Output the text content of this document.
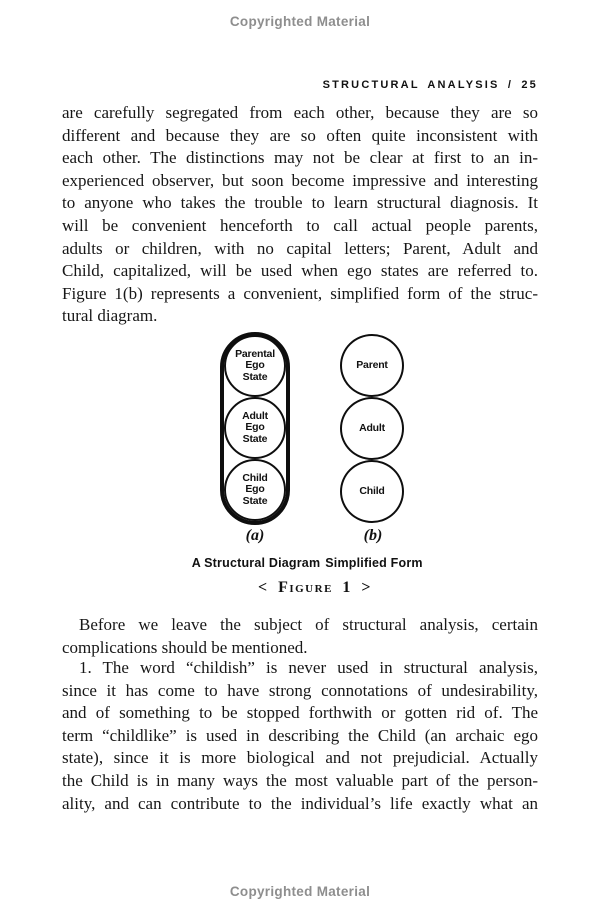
Copyrighted Material
STRUCTURAL ANALYSIS / 25
are carefully segregated from each other, because they are so
different and because they are so often quite inconsistent with
each other. The distinctions may not be clear at first to an in-
experienced observer, but soon become impressive and interesting
to anyone who takes the trouble to learn structural diagnosis. It
will be convenient henceforth to call actual people parents,
adults or children, with no capital letters; Parent, Adult and
Child, capitalized, will be used when ego states are referred to.
Figure 1(b) represents a convenient, simplified form of the struc-
tural diagram.
Parental
Ego
State
Adult
Ego
State
Child
Ego
State
Parent
Adult
Child
(a)	(b)
A Structural Diagram Simplified Form
< Figure 1 >
Before we leave the subject of structural analysis, certain
complications should be mentioned.
1. The word “childish” is never used in structural analysis,
since it has come to have strong connotations of undesirability,
and of something to be stopped forthwith or gotten rid of. The
term “childlike” is used in describing the Child (an archaic ego
state), since it is more biological and not prejudicial. Actually
the Child is in many ways the most valuable part of the person-
ality, and can contribute to the individual’s life exactly what an
Copyrighted Material
